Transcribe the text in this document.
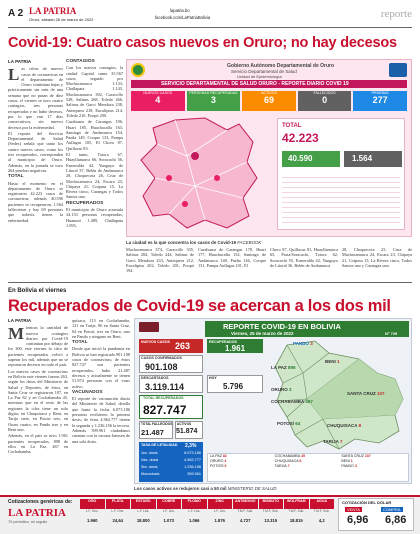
A 2 LA PATRIA
Oruro, sábado 26 de marzo de 2022
lapatria.bo
facebook.com/LaPatriaBolivia	reporte
Covid-19: Cuatro casos nuevos en Oruro; no hay decesos
LA PATRIA

Las cifras de nuevos casos de coronavirus en el departamento de Oruro continúan bajas y prácticamente sin más de una semana que no pasan de diez casos, el viernes se tuvo cuatro contagios, tres personas recuperadas y no hubo decesos, por lo que van 17 días consecutivos, sin nuevos decesos por la enfermedad.

El reporte del Servicio Departamental de Salud (Sedes) señala que tanto los cuatro nuevos casos, como los tres recuperados, corresponden al municipio de Oruro. Además, en la jornada se tuvo 264 pruebas negativas.

TOTAL

Hasta el momento en el departamento de Oruro se registraron 42.223 casos de coronavirus; además 40.590 pacientes se recuperaron, 1.564 fallecieron y hay 69 personas que todavía tienen la enfermedad.

CONTAGIOS

Con los nuevos contagios, la ciudad Capital suma 35.567 casos; seguido por Machacamarca 1.133, Challapata 1.143, Machacamarca 392, Caracollo 528, Salinas 268, Toledo 266, Salinas de Garci Mendoza 238, Antequera 218, Eucaliptus 214, Toledo 210, Poopó 200.

Curahuara de Carangas 196, Huari 185, Huachacalla 163, Santiago de Andamarca 154, Pazña 149, Corque 133, Pampa Aullagas 105, El Choro 87, Quillacas 83.

El tanto, Totora 67, Huayllamarca 66, Soracachi 56, Esmeralda 42, Yunguyo de Litoral 37, Belén de Andamarca 28, Choquecota 26, Cruz de Machacamarca 24, Escara 23, Chipaya 21, Coipasa 15, La Rivera cinco, Carangas y Todos Santos uno.

RECUPERADOS

El municipio de Oruro acumula 34.133 personas recuperadas; Huanuni 1.489, Challapata 1.093,

Gobierno Autónomo Departamental de Oruro
Servicio Departamental de Salud
Unidad de Epidemiología
SERVICIO DEPARTAMENTAL DE SALUD ORURO - REPORTE DIARIO COVID 19
NUEVOS CASOS
4
PERSONAS RECUPERADAS
3
ACTIVOS
69
FALLECIDOS
0
PRUEBAS
277
TOTAL
42.223
40.590	1.564
La ciudad es la que concentra los casos de Covid-19 FACEBOOK
Machacamarca 374, Caracollo 335, Salinas 284, Toledo 244, Salinas de Garci Mendoza 233, Antequera 212, Eucaliptus 202, Toledo 201, Poopó 194.
Curahuara de Carangas 178, Huari 177, Huachacalla 152, Santiago de Andamarca 148, Pazña 146, Corque 131, Pampa Aullagas 101, El
Choro 87, Quillacas 81, Huayllamarca 65, Paria/Soracachi, Totora 62, Soracachi 55, Esmeralda 42, Yunguyo de Litoral 36, Belén de Andamarca
28, Choquecota 25, Cruz de Machacamarca 24, Escara 23, Chipaya 21, Coipasa 15, La Rivera cinco, Todos Santos uno y Carangas uno.
En Bolivia el viernes
Recuperados de Covid-19 se acercan a los dos mil
LA PATRIA

Mientras la cantidad de nuevos contagios diarios por Covid-19 continúan por debajo de los 300, este viernes la cifra de pacientes recuperados volvió a superar los mil, además que no se reportaron decesos en todo el país.

Los nuevos casos de coronavirus en Bolivia este viernes fueron 263, según los datos del Ministerio de Salud y Deportes, de éstos, en Santa Cruz se registraron 107, en La Paz 82 y en Cochabamba 45, mientras que en el resto de las regiones la cifra tiene un solo dígito; en Chuquisaca y Beni, en Tarija siete, en Potosí seis, en Oruro cuatro, en Pando tres y en Beni uno.

Además, en el país se tuvo 1.961 pacientes recuperados, 898 de ellos en La Paz, 467 en Cochabamba,

quísaca, 113 en Cochabamba, 121 en Tarija, 86 en Santa Cruz, 64 en Potosí, tres en Oruro, uno en Pando y ninguno en Beni.

TOTAL

Desde que inició la pandemia en Bolivia se han registrado 901.108 casos de coronavirus; de éstos 827.747 son pacientes recuperados, hubo 21.487 decesos y actualmente se tienen 51.874 personas con el virus activo.

VACUNADOS

El reporte de vacunación diaria del Ministerio de Salud, detalla que hasta la fecha 6.073.186 personas recibieron la primera dosis; de éstas 4.962.777 tienen la segunda y 1.236.156 la tercera. Además 399.961 ciudadanos cuentan con la vacuna Janssen de una sola dosis.

REPORTE COVID-19 EN BOLIVIA
Viernes, 25 de marzo de 2022	N° 729
NUEVOS CASOS 263
CASOS CONFIRMADOS
901.108
DESCARTADOS
3.119.114
TOTAL RECUPERADOS
827.747
TOTAL FALLECIDOS
21.487
ACTIVOS
51.874
RECUPERADOS
1.961
HOY
5.796
TASA DE LETALIDAD 2,3%
1ra. dosis	6.073.186
2da. dosis	4.962.777
3ra. dosis	1.236.156
Monodosis	399.961
PANDO 3
LA PAZ 898
BENI 1
ORURO 3
COCHABAMBA 467
SANTA CRUZ 107
POTOSÍ 64	CHUQUISACA 8
TARIJA 7
LA PAZ 82
ORURO 4
POTOSÍ 6
COCHABAMBA 45
CHUQUISACA 8
TARIJA 7
SANTA CRUZ 107
BENI 1
PANDO 3
Los casos activos se redujeron casi a 50 mil MINISTERIO DE SALUD
Cotizaciones genéricas de:
LA PATRIA
70 periódico, mi orgullo
ORO	PLATA	ESTAÑO	COBRE	PLOMO	ZINC	ANTIMONIO	BISMUTO	WOLFRAM	AGUA
L.F. Onz.	L.F. Onz.	L.F. Lbs.	L.F. Lbs.	L.F. Lbs.	L.F. Lbs.	T.M.F. Sub.	T.M.F. Sub.	T.M.F. Sub.	T.M.F. Sub.
1.960	24,64	18.800	1.073	1.066	1.876	4.727	13.315	18.815	4,2
COTIZACIÓN DEL DÓLAR
VENTA
6,96
COMPRA
6,86
